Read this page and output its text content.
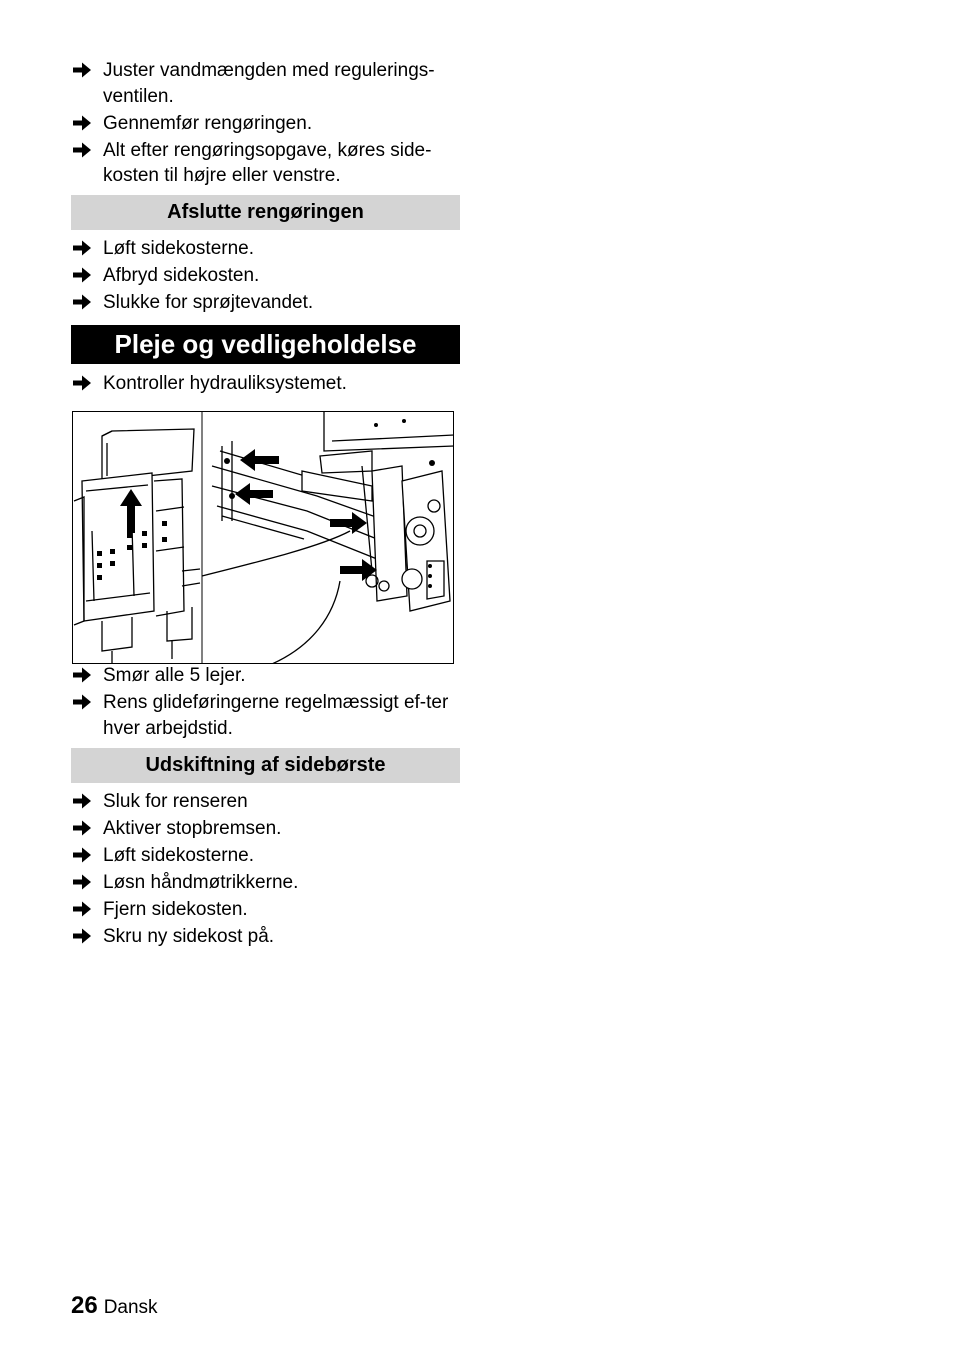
Juster vandmængden med regulerings-ventilen.
Gennemfør rengøringen.
Alt efter rengøringsopgave, køres side-kosten til højre eller venstre.
Afslutte rengøringen
Løft sidekosterne.
Afbryd sidekosten.
Slukke for sprøjtevandet.
Pleje og vedligeholdelse
Kontroller hydrauliksystemet.
Smør alle 5 lejer.
Rens glideføringerne regelmæssigt ef-ter hver arbejdstid.
Udskiftning af sidebørste
Sluk for renseren
Aktiver stopbremsen.
Løft sidekosterne.
Løsn håndmøtrikkerne.
Fjern sidekosten.
Skru ny sidekost på.
26 Dansk
